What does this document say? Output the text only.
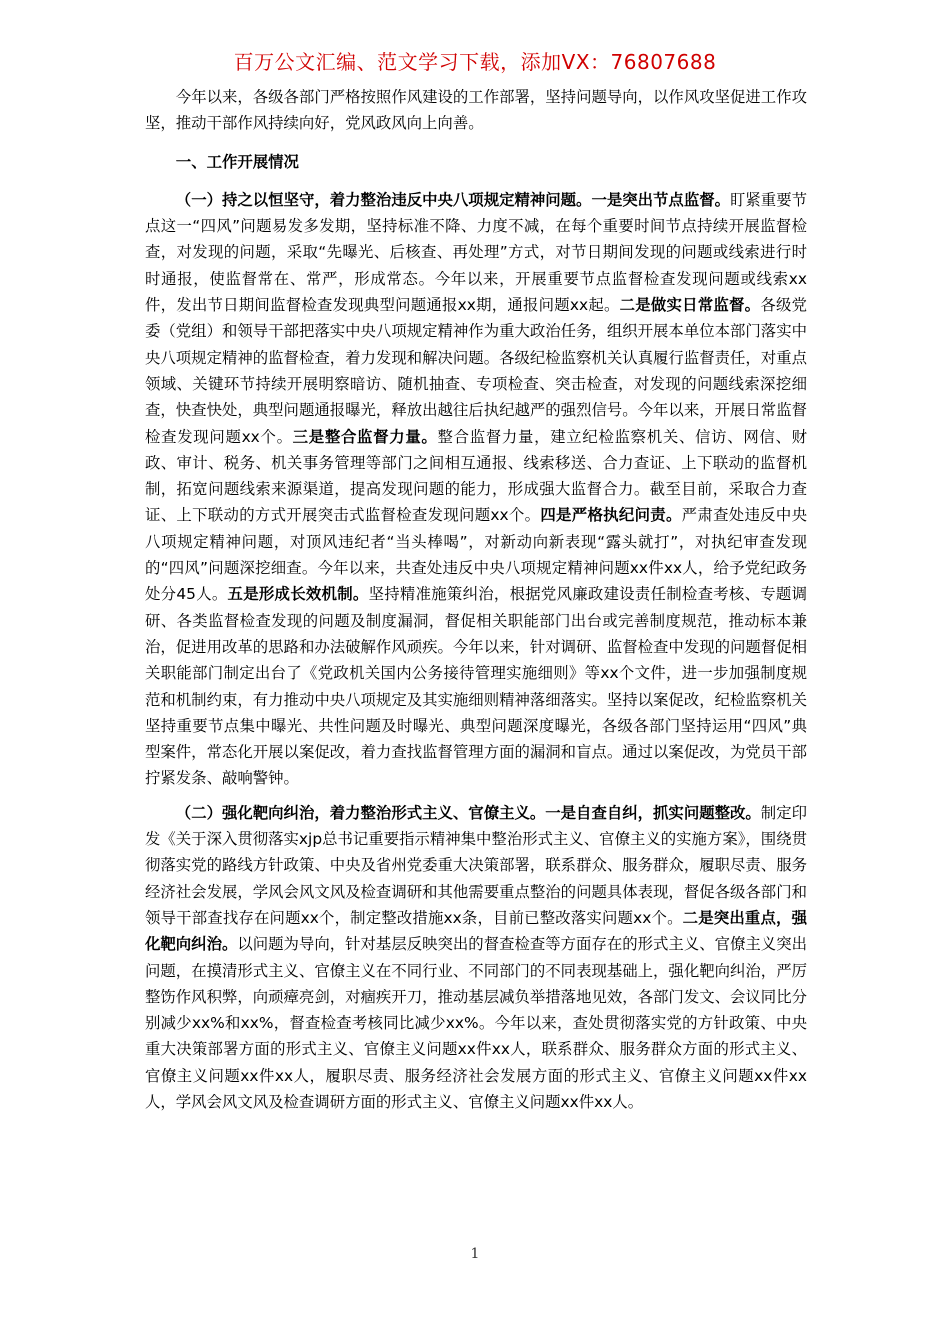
百万公文汇编、范文学习下载，添加VX：76807688

今年以来，各级各部门严格按照作风建设的工作部署，坚持问题导向，以作风攻坚促进工作攻坚，推动干部作风持续向好，党风政风向上向善。

一、工作开展情况

（一）持之以恒坚守，着力整治违反中央八项规定精神问题。一是突出节点监督。盯紧重要节点这一“四风”问题易发多发期，坚持标准不降、力度不减，在每个重要时间节点持续开展监督检查，对发现的问题，采取“先曝光、后核查、再处理”方式，对节日期间发现的问题或线索进行时时通报，使监督常在、常严，形成常态。今年以来，开展重要节点监督检查发现问题或线索xx件，发出节日期间监督检查发现典型问题通报xx期，通报问题xx起。二是做实日常监督。各级党委（党组）和领导干部把落实中央八项规定精神作为重大政治任务，组织开展本单位本部门落实中央八项规定精神的监督检查，着力发现和解决问题。各级纪检监察机关认真履行监督责任，对重点领域、关键环节持续开展明察暗访、随机抽查、专项检查、突击检查，对发现的问题线索深挖细查，快查快处，典型问题通报曝光，释放出越往后执纪越严的强烈信号。今年以来，开展日常监督检查发现问题xx个。三是整合监督力量。整合监督力量，建立纪检监察机关、信访、网信、财政、审计、税务、机关事务管理等部门之间相互通报、线索移送、合力查证、上下联动的监督机制，拓宽问题线索来源渠道，提高发现问题的能力，形成强大监督合力。截至目前，采取合力查证、上下联动的方式开展突击式监督检查发现问题xx个。四是严格执纪问责。严肃查处违反中央八项规定精神问题，对顶风违纪者“当头棒喝”，对新动向新表现“露头就打”，对执纪审查发现的“四风”问题深挖细查。今年以来，共查处违反中央八项规定精神问题xx件xx人，给予党纪政务处分45人。五是形成长效机制。坚持精准施策纠治，根据党风廉政建设责任制检查考核、专题调研、各类监督检查发现的问题及制度漏洞，督促相关职能部门出台或完善制度规范，推动标本兼治，促进用改革的思路和办法破解作风顽疾。今年以来，针对调研、监督检查中发现的问题督促相关职能部门制定出台了《党政机关国内公务接待管理实施细则》等xx个文件，进一步加强制度规范和机制约束，有力推动中央八项规定及其实施细则精神落细落实。坚持以案促改，纪检监察机关坚持重要节点集中曝光、共性问题及时曝光、典型问题深度曝光，各级各部门坚持运用“四风”典型案件，常态化开展以案促改，着力查找监督管理方面的漏洞和盲点。通过以案促改，为党员干部拧紧发条、敲响警钟。

（二）强化靶向纠治，着力整治形式主义、官僚主义。一是自查自纠，抓实问题整改。制定印发《关于深入贯彻落实xjp总书记重要指示精神集中整治形式主义、官僚主义的实施方案》，围绕贯彻落实党的路线方针政策、中央及省州党委重大决策部署，联系群众、服务群众，履职尽责、服务经济社会发展，学风会风文风及检查调研和其他需要重点整治的问题具体表现，督促各级各部门和领导干部查找存在问题xx个，制定整改措施xx条，目前已整改落实问题xx个。二是突出重点，强化靶向纠治。以问题为导向，针对基层反映突出的督查检查等方面存在的形式主义、官僚主义突出问题，在摸清形式主义、官僚主义在不同行业、不同部门的不同表现基础上，强化靶向纠治，严厉整饬作风积弊，向顽瘴亮剑，对痼疾开刀，推动基层减负举措落地见效，各部门发文、会议同比分别减少xx%和xx%，督查检查考核同比减少xx%。今年以来，查处贯彻落实党的方针政策、中央重大决策部署方面的形式主义、官僚主义问题xx件xx人，联系群众、服务群众方面的形式主义、官僚主义问题xx件xx人，履职尽责、服务经济社会发展方面的形式主义、官僚主义问题xx件xx人，学风会风文风及检查调研方面的形式主义、官僚主义问题xx件xx人。

1
